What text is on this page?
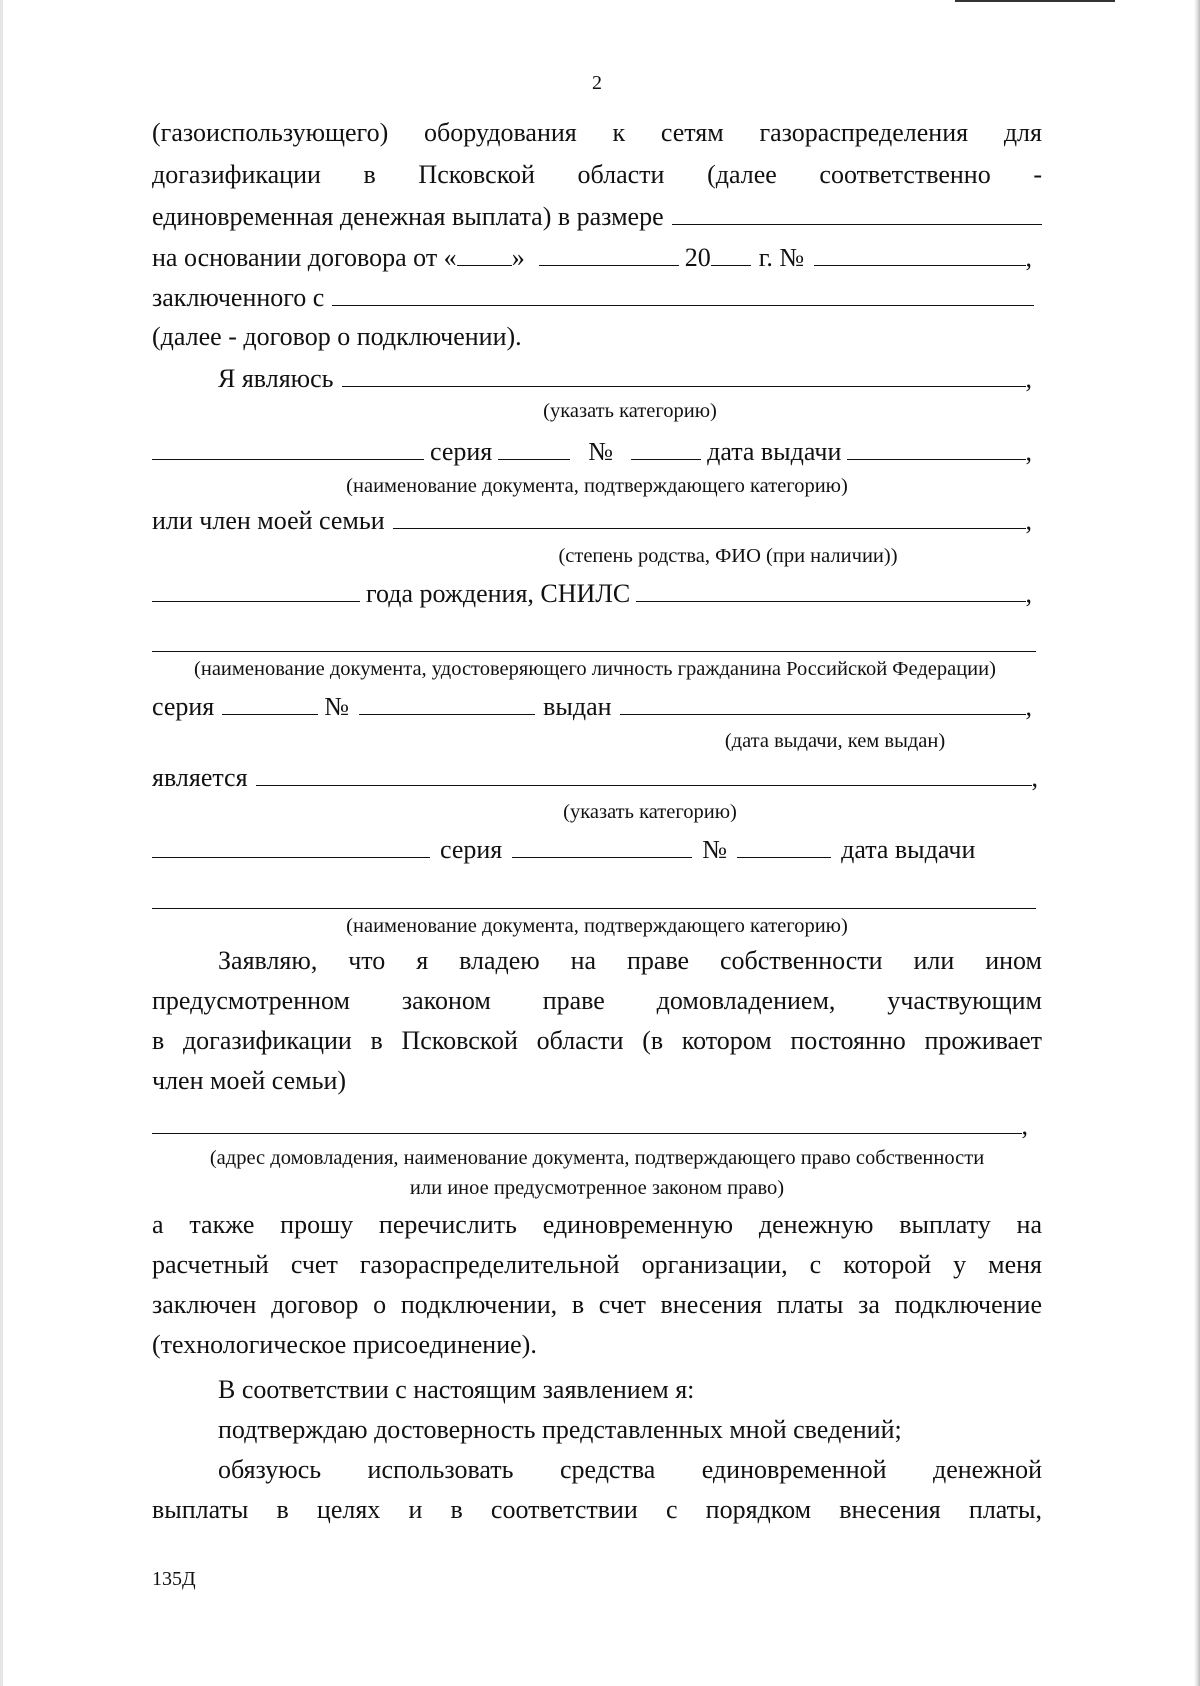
2
(газоиспользующего) оборудования к сетям газораспределения для
догазификации в Псковской области (далее соответственно -
единовременная денежная выплата) в размере
на основании договора от « »	20 г. №	,
заключенного с
(далее - договор о подключении).
Я являюсь	,
(указать категорию)
серия	№	дата выдачи	,
(наименование документа, подтверждающего категорию)
или член моей семьи	,
(степень родства, ФИО (при наличии))
года рождения, СНИЛС	,
(наименование документа, удостоверяющего личность гражданина Российской Федерации)
серия	№	выдан	,
(дата выдачи, кем выдан)
является	,
(указать категорию)
серия	№	дата выдачи
(наименование документа, подтверждающего категорию)
Заявляю, что я владею на праве собственности или ином
предусмотренном законом праве домовладением, участвующим
в догазификации в Псковской области (в котором постоянно проживает
член моей семьи)
,
(адрес домовладения, наименование документа, подтверждающего право собственности
или иное предусмотренное законом право)
а также прошу перечислить единовременную денежную выплату на
расчетный счет газораспределительной организации, с которой у меня
заключен договор о подключении, в счет внесения платы за подключение
(технологическое присоединение).
В соответствии с настоящим заявлением я:
подтверждаю достоверность представленных мной сведений;
обязуюсь использовать средства единовременной денежной
выплаты в целях и в соответствии с порядком внесения платы,
135Д
